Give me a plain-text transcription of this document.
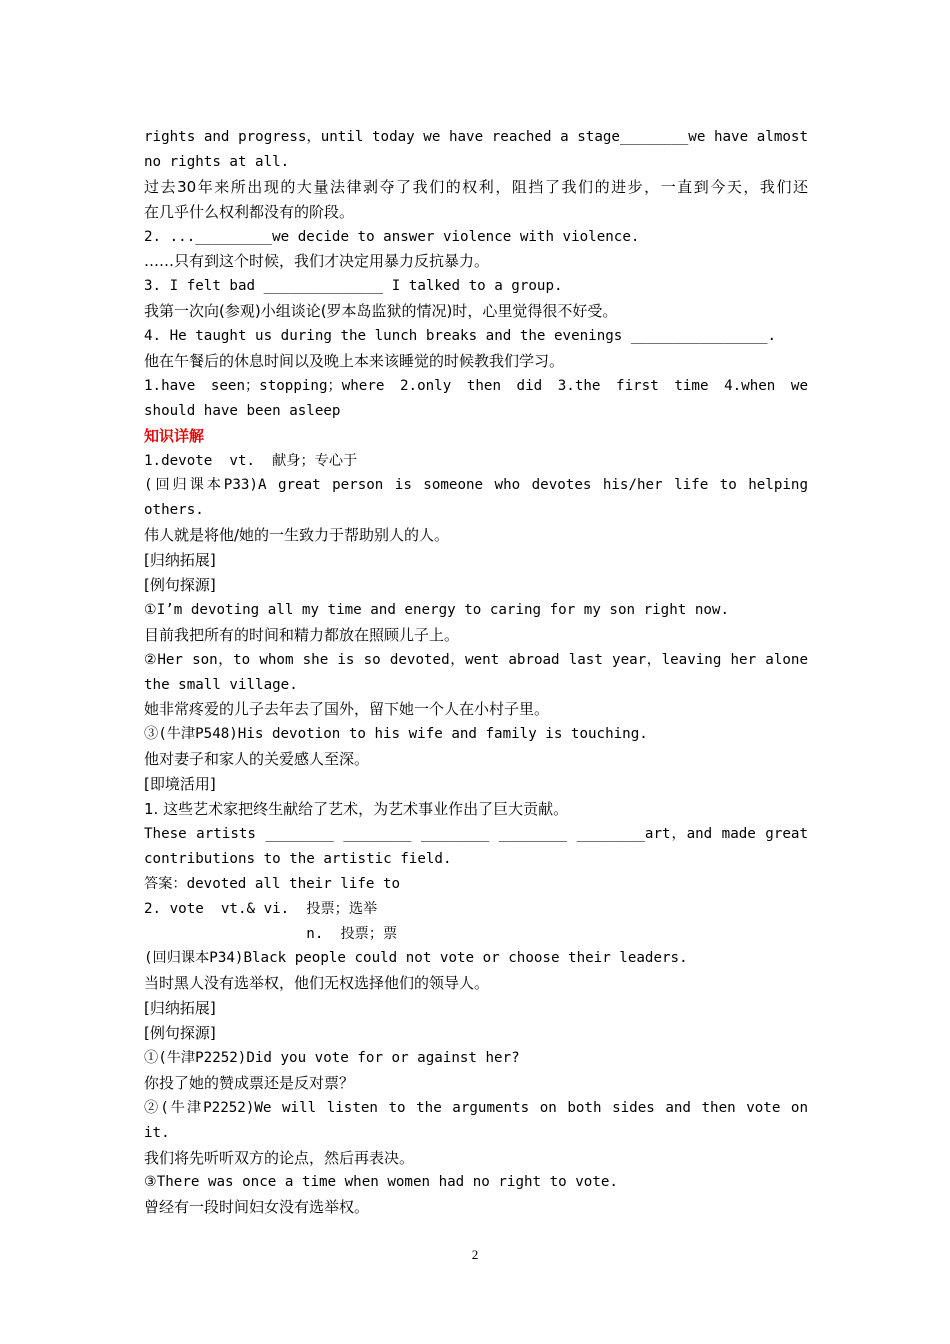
rights and progress，until today we have reached a stage________we have almost
no rights at all.
过去30年来所出现的大量法律剥夺了我们的权利，阻挡了我们的进步，一直到今天，我们还
在几乎什么权利都没有的阶段。
2. ..._________we decide to answer violence with violence.
……只有到这个时候，我们才决定用暴力反抗暴力。
3. I felt bad ______________ I talked to a group.
我第一次向(参观)小组谈论(罗本岛监狱的情况)时，心里觉得很不好受。
4. He taught us during the lunch breaks and the evenings ________________.
他在午餐后的休息时间以及晚上本来该睡觉的时候教我们学习。
1.have seen；stopping；where 2.only then did 3.the first time 4.when we
should have been asleep
知识详解
1.devote  vt.  献身；专心于
(回归课本P33)A great person is someone who devotes his/her life to helping
others.
伟人就是将他/她的一生致力于帮助别人的人。
[归纳拓展]
[例句探源]
①I’m devoting all my time and energy to caring for my son right now.
目前我把所有的时间和精力都放在照顾儿子上。
②Her son，to whom she is so devoted，went abroad last year，leaving her alone
the small village.
她非常疼爱的儿子去年去了国外，留下她一个人在小村子里。
③(牛津P548)His devotion to his wife and family is touching.
他对妻子和家人的关爱感人至深。
[即境活用]
1. 这些艺术家把终生献给了艺术，为艺术事业作出了巨大贡献。
These artists ________ ________ ________ ________ ________art，and made great
contributions to the artistic field.
答案：devoted all their life to
2. vote  vt.& vi.  投票；选举
n.  投票；票
(回归课本P34)Black people could not vote or choose their leaders.
当时黑人没有选举权，他们无权选择他们的领导人。
[归纳拓展]
[例句探源]
①(牛津P2252)Did you vote for or against her?
你投了她的赞成票还是反对票？
②(牛津P2252)We will listen to the arguments on both sides and then vote on
it.
我们将先听听双方的论点，然后再表决。
③There was once a time when women had no right to vote.
曾经有一段时间妇女没有选举权。
2
